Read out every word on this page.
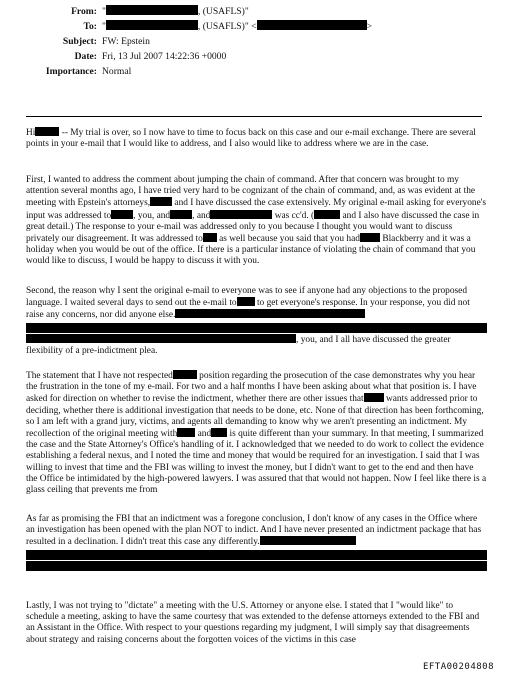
From: "	, (USAFLS)"
To: "	, (USAFLS)" <	>
Subject: FW: Epstein
Date: Fri, 13 Jul 2007 14:22:36 +0000
Importance: Normal

Hi	-- My trial is over, so I now have to time to focus back on this case and our e-mail exchange. There are several points in your e-mail that I would like to address, and I also would like to address where we are in the case.

First, I wanted to address the comment about jumping the chain of command. After that concern was brought to my attention several months ago, I have tried very hard to be cognizant of the chain of command, and, as was evident at the meeting with Epstein's attorneys, and I have discussed the case extensively. My original e-mail asking for everyone's input was addressed to , you, and , and	was cc'd. (	and I also have discussed the case in great detail.) The response to your e-mail was addressed only to you because I thought you would want to discuss privately our disagreement. It was addressed to as well because you said that you had Blackberry and it was a holiday when you would be out of the office. If there is a particular instance of violating the chain of command that you would like to discuss, I would be happy to discuss it with you.

Second, the reason why I sent the original e-mail to everyone was to see if anyone had any objections to the proposed language. I waited several days to send out the e-mail to to get everyone's response. In your response, you did not raise any concerns, nor did anyone else.
, you, and I all have discussed the greater flexibility of a pre-indictment plea.

The statement that I have not respected	position regarding the prosecution of the case demonstrates why you hear the frustration in the tone of my e-mail. For two and a half months I have been asking about what that position is. I have asked for direction on whether to revise the indictment, whether there are other issues that wants addressed prior to deciding, whether there is additional investigation that needs to be done, etc. None of that direction has been forthcoming, so I am left with a grand jury, victims, and agents all demanding to know why we aren't presenting an indictment. My recollection of the original meeting with and is quite different than your summary. In that meeting, I summarized the case and the State Attorney's Office's handling of it. I acknowledged that we needed to do work to collect the evidence establishing a federal nexus, and I noted the time and money that would be required for an investigation. I said that I was willing to invest that time and the FBI was willing to invest the money, but I didn't want to get to the end and then have the Office be intimidated by the high-powered lawyers. I was assured that that would not happen. Now I feel like there is a glass ceiling that prevents me from

As far as promising the FBI that an indictment was a foregone conclusion, I don't know of any cases in the Office where an investigation has been opened with the plan NOT to indict. And I have never presented an indictment package that has resulted in a declination. I didn't treat this case any differently.

Lastly, I was not trying to "dictate" a meeting with the U.S. Attorney or anyone else. I stated that I "would like" to schedule a meeting, asking to have the same courtesy that was extended to the defense attorneys extended to the FBI and an Assistant in the Office. With respect to your questions regarding my judgment, I will simply say that disagreements about strategy and raising concerns about the forgotten voices of the victims in this case

EFTA00204808
